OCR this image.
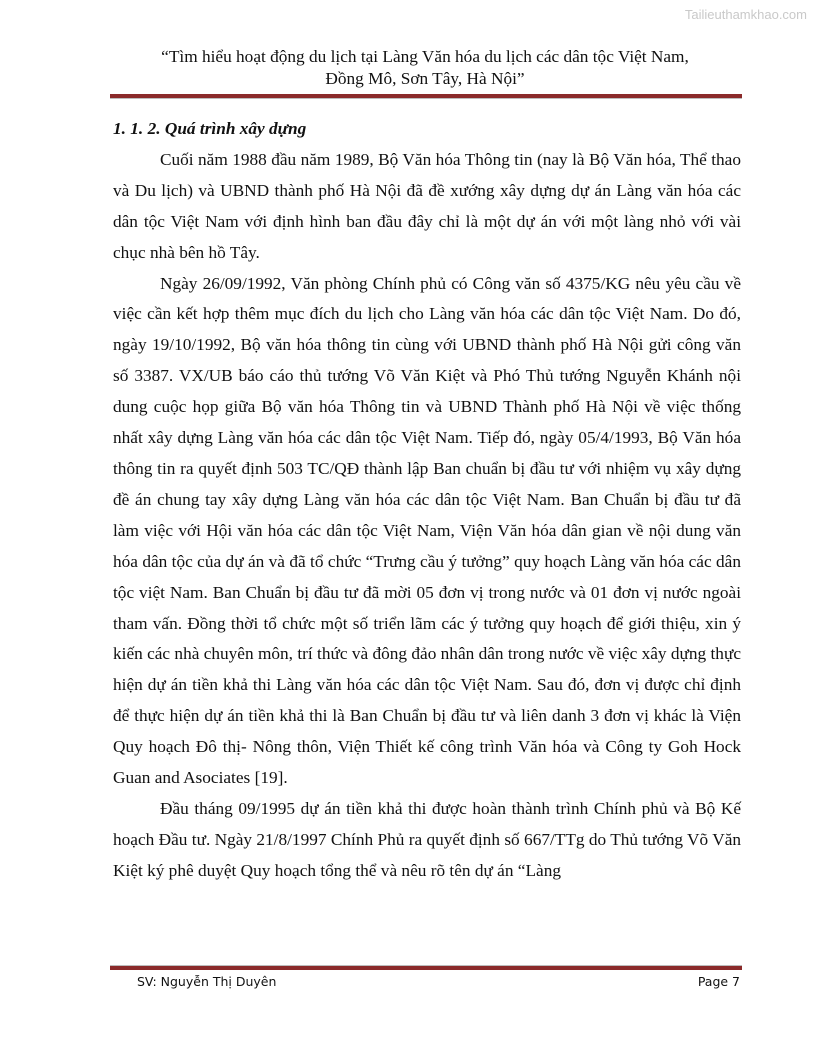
Tailieuthamkhao.com
“Tìm hiểu hoạt động du lịch tại Làng Văn hóa du lịch các dân tộc Việt Nam,
Đồng Mô, Sơn Tây, Hà Nội”

1. 1. 2. Quá trình xây dựng

Cuối năm 1988 đầu năm 1989, Bộ Văn hóa Thông tin (nay là Bộ Văn hóa, Thể thao và Du lịch) và UBND thành phố Hà Nội đã đề xướng xây dựng dự án Làng văn hóa các dân tộc Việt Nam với định hình ban đầu đây chỉ là một dự án với một làng nhỏ với vài chục nhà bên hồ Tây.

Ngày 26/09/1992, Văn phòng Chính phủ có Công văn số 4375/KG nêu yêu cầu về việc cần kết hợp thêm mục đích du lịch cho Làng văn hóa các dân tộc Việt Nam. Do đó, ngày 19/10/1992, Bộ văn hóa thông tin cùng với UBND thành phố Hà Nội gửi công văn số 3387. VX/UB báo cáo thủ tướng Võ Văn Kiệt và Phó Thủ tướng Nguyễn Khánh nội dung cuộc họp giữa Bộ văn hóa Thông tin và UBND Thành phố Hà Nội về việc thống nhất xây dựng Làng văn hóa các dân tộc Việt Nam. Tiếp đó, ngày 05/4/1993, Bộ Văn hóa thông tin ra quyết định 503 TC/QĐ thành lập Ban chuẩn bị đầu tư với nhiệm vụ xây dựng đề án chung tay xây dựng Làng văn hóa các dân tộc Việt Nam. Ban Chuẩn bị đầu tư đã làm việc với Hội văn hóa các dân tộc Việt Nam, Viện Văn hóa dân gian về nội dung văn hóa dân tộc của dự án và đã tổ chức “Trưng cầu ý tưởng” quy hoạch Làng văn hóa các dân tộc việt Nam. Ban Chuẩn bị đầu tư đã mời 05 đơn vị trong nước và 01 đơn vị nước ngoài tham vấn. Đồng thời tổ chức một số triển lãm các ý tưởng quy hoạch để giới thiệu, xin ý kiến các nhà chuyên môn, trí thức và đông đảo nhân dân trong nước về việc xây dựng thực hiện dự án tiền khả thi Làng văn hóa các dân tộc Việt Nam. Sau đó, đơn vị được chỉ định để thực hiện dự án tiền khả thi là Ban Chuẩn bị đầu tư và liên danh 3 đơn vị khác là Viện Quy hoạch Đô thị- Nông thôn, Viện Thiết kế công trình Văn hóa và Công ty Goh Hock Guan and Asociates [19].

Đầu tháng 09/1995 dự án tiền khả thi được hoàn thành trình Chính phủ và Bộ Kế hoạch Đầu tư. Ngày 21/8/1997 Chính Phủ ra quyết định số 667/TTg do Thủ tướng Võ Văn Kiệt ký phê duyệt Quy hoạch tổng thể và nêu rõ tên dự án “Làng

SV: Nguyễn Thị Duyên	Page 7
